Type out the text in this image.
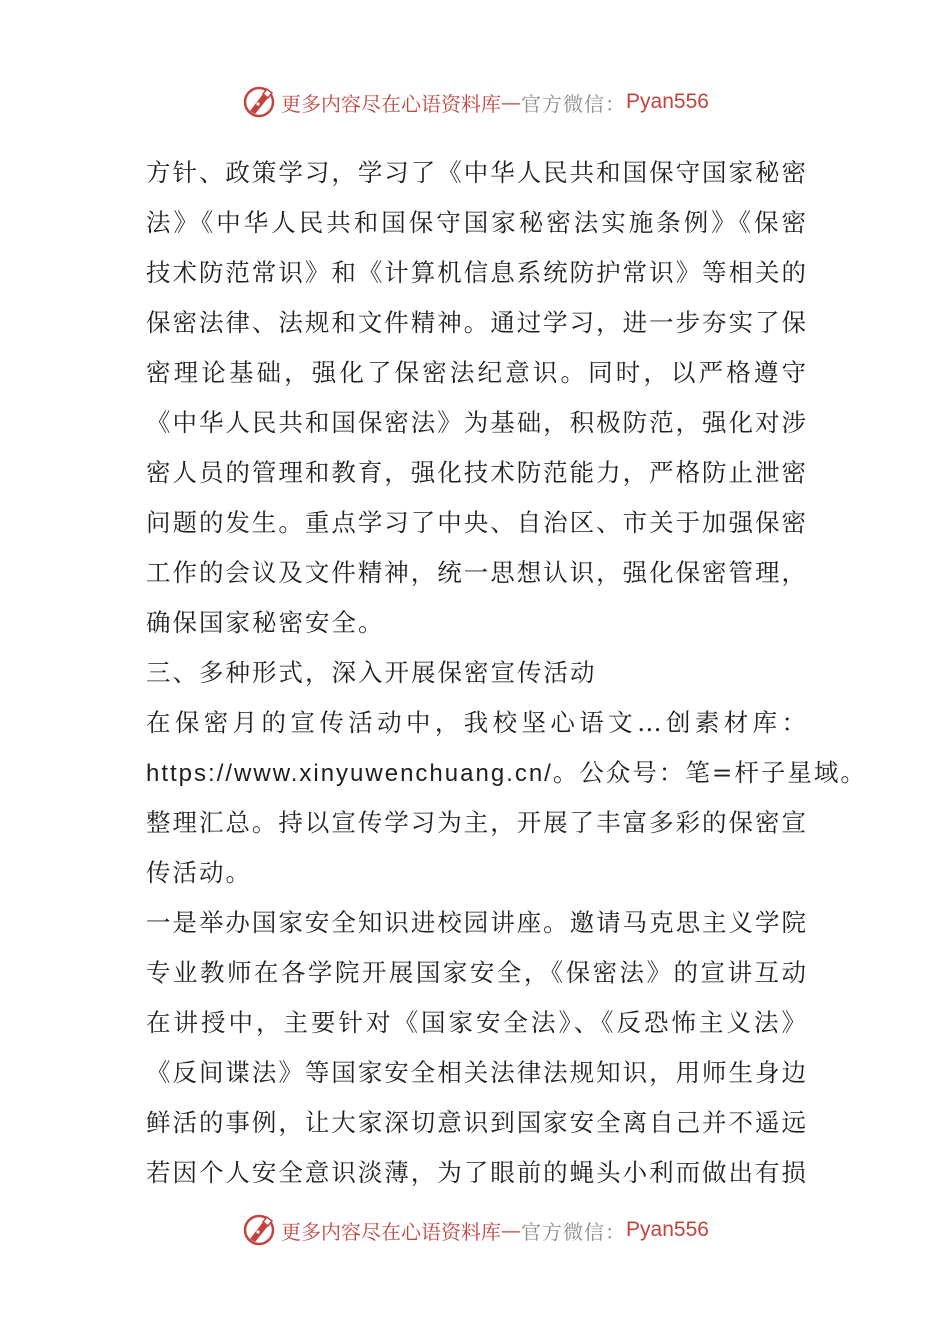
更多内容尽在心语资料库 — 官方微信： Pyan556
方针、政策学习，学习了《中华人民共和国保守国家秘密
法》《中华人民共和国保守国家秘密法实施条例》《保密
技术防范常识》和《计算机信息系统防护常识》等相关的
保密法律、法规和文件精神。通过学习，进一步夯实了保
密理论基础，强化了保密法纪意识。同时，以严格遵守
《中华人民共和国保密法》为基础，积极防范，强化对涉
密人员的管理和教育，强化技术防范能力，严格防止泄密
问题的发生。重点学习了中央、自治区、市关于加强保密
工作的会议及文件精神，统一思想认识，强化保密管理，
确保国家秘密安全。
三、多种形式，深入开展保密宣传活动
在保密月的宣传活动中，我校坚心语文…创素材库：
https://www.xinyuwenchuang.cn/。公众号：笔=杆子星域。
整理汇总。持以宣传学习为主，开展了丰富多彩的保密宣
传活动。
一是举办国家安全知识进校园讲座。邀请马克思主义学院
专业教师在各学院开展国家安全，《保密法》的宣讲互动
在讲授中，主要针对《国家安全法》、《反恐怖主义法》
《反间谍法》等国家安全相关法律法规知识，用师生身边
鲜活的事例，让大家深切意识到国家安全离自己并不遥远
若因个人安全意识淡薄，为了眼前的蝇头小利而做出有损
更多内容尽在心语资料库 — 官方微信： Pyan556
